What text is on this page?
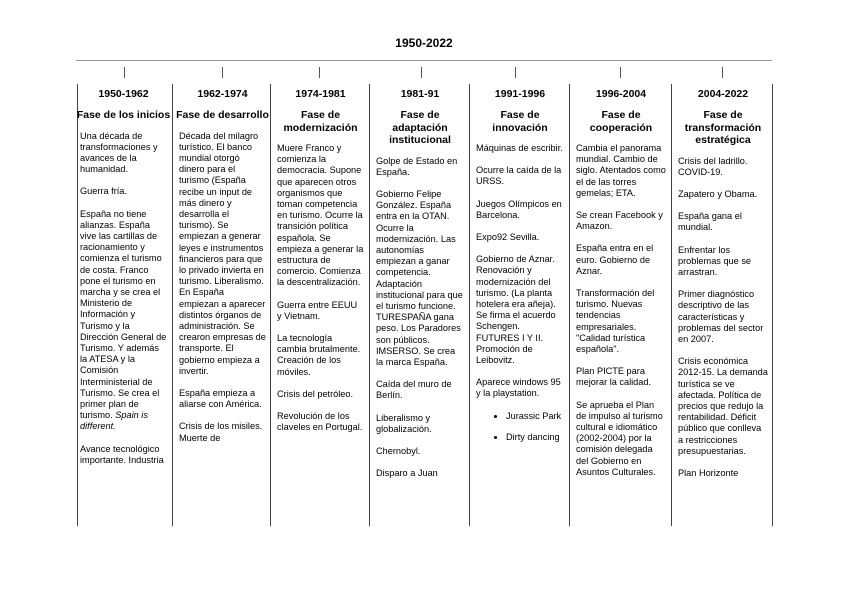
1950-2022
1950-1962
Fase de los inicios

Una década de transformaciones y avances de la humanidad.

Guerra fría.

España no tiene alianzas. España vive las cartillas de racionamiento y comienza el turismo de costa. Franco pone el turismo en marcha y se crea el Ministerio de Información y Turismo y la Dirección General de Turismo. Y además la ATESA y la Comisión Interministerial de Turismo. Se crea el primer plan de turismo. Spain is different.

Avance tecnológico importante. Industria

1962-1974
Fase de desarrollo

Década del milagro turístico. El banco mundial otorgó dinero para el turismo (España recibe un input de más dinero y desarrolla el turismo). Se empiezan a generar leyes e instrumentos financieros para que lo privado invierta en turismo. Liberalismo. En España empiezan a aparecer distintos órganos de administración. Se crearon empresas de transporte. El gobierno empieza a invertir.

España empieza a aliarse con América.

Crisis de los misiles. Muerte de

1974-1981
Fase de modernización

Muere Franco y comienza la democracia. Supone que aparecen otros organismos que toman competencia en turismo. Ocurre la transición política española. Se empieza a generar la estructura de comercio. Comienza la descentralización.

Guerra entre EEUU y Vietnam.

La tecnología cambia brutalmente. Creación de los móviles.

Crisis del petróleo.

Revolución de los claveles en Portugal.

1981-91
Fase de adaptación institucional

Golpe de Estado en España.

Gobierno Felipe González. España entra en la OTAN. Ocurre la modernización. Las autonomías empiezan a ganar competencia. Adaptación institucional para que el turismo funcione. TURESPAÑA gana peso. Los Paradores son públicos. IMSERSO. Se crea la marca España.

Caída del muro de Berlín.

Liberalismo y globalización.

Chernobyl.

Disparo a Juan

1991-1996
Fase de innovación

Máquinas de escribir.

Ocurre la caída de la URSS.

Juegos Olímpicos en Barcelona.

Expo92 Sevilla.

Gobierno de Aznar. Renovación y modernización del turismo. (La planta hotelera era añeja). Se firma el acuerdo Schengen. FUTURES I Y II. Promoción de Leibovitz.

Aparece windows 95 y la playstation.

• Jurassic Park
• Dirty dancing
1996-2004
Fase de cooperación

Cambia el panorama mundial. Cambio de siglo. Atentados como el de las torres gemelas; ETA.

Se crean Facebook y Amazon.

España entra en el euro. Gobierno de Aznar.

Transformación del turismo. Nuevas tendencias empresariales. "Calidad turística española".

Plan PICTE para mejorar la calidad.

Se aprueba el Plan de impulso al turismo cultural e idiomático (2002-2004) por la comisión delegada del Gobierno en Asuntos Culturales.

2004-2022
Fase de transformación estratégica

Crisis del ladrillo. COVID-19.

Zapatero y Obama.

España gana el mundial.

Enfrentar los problemas que se arrastran.

Primer diagnóstico descriptivo de las características y problemas del sector en 2007.

Crisis económica 2012-15. La demanda turística se ve afectada. Política de precios que redujo la rentabilidad. Déficit público que conlleva a restricciones presupuestarias.

Plan Horizonte
